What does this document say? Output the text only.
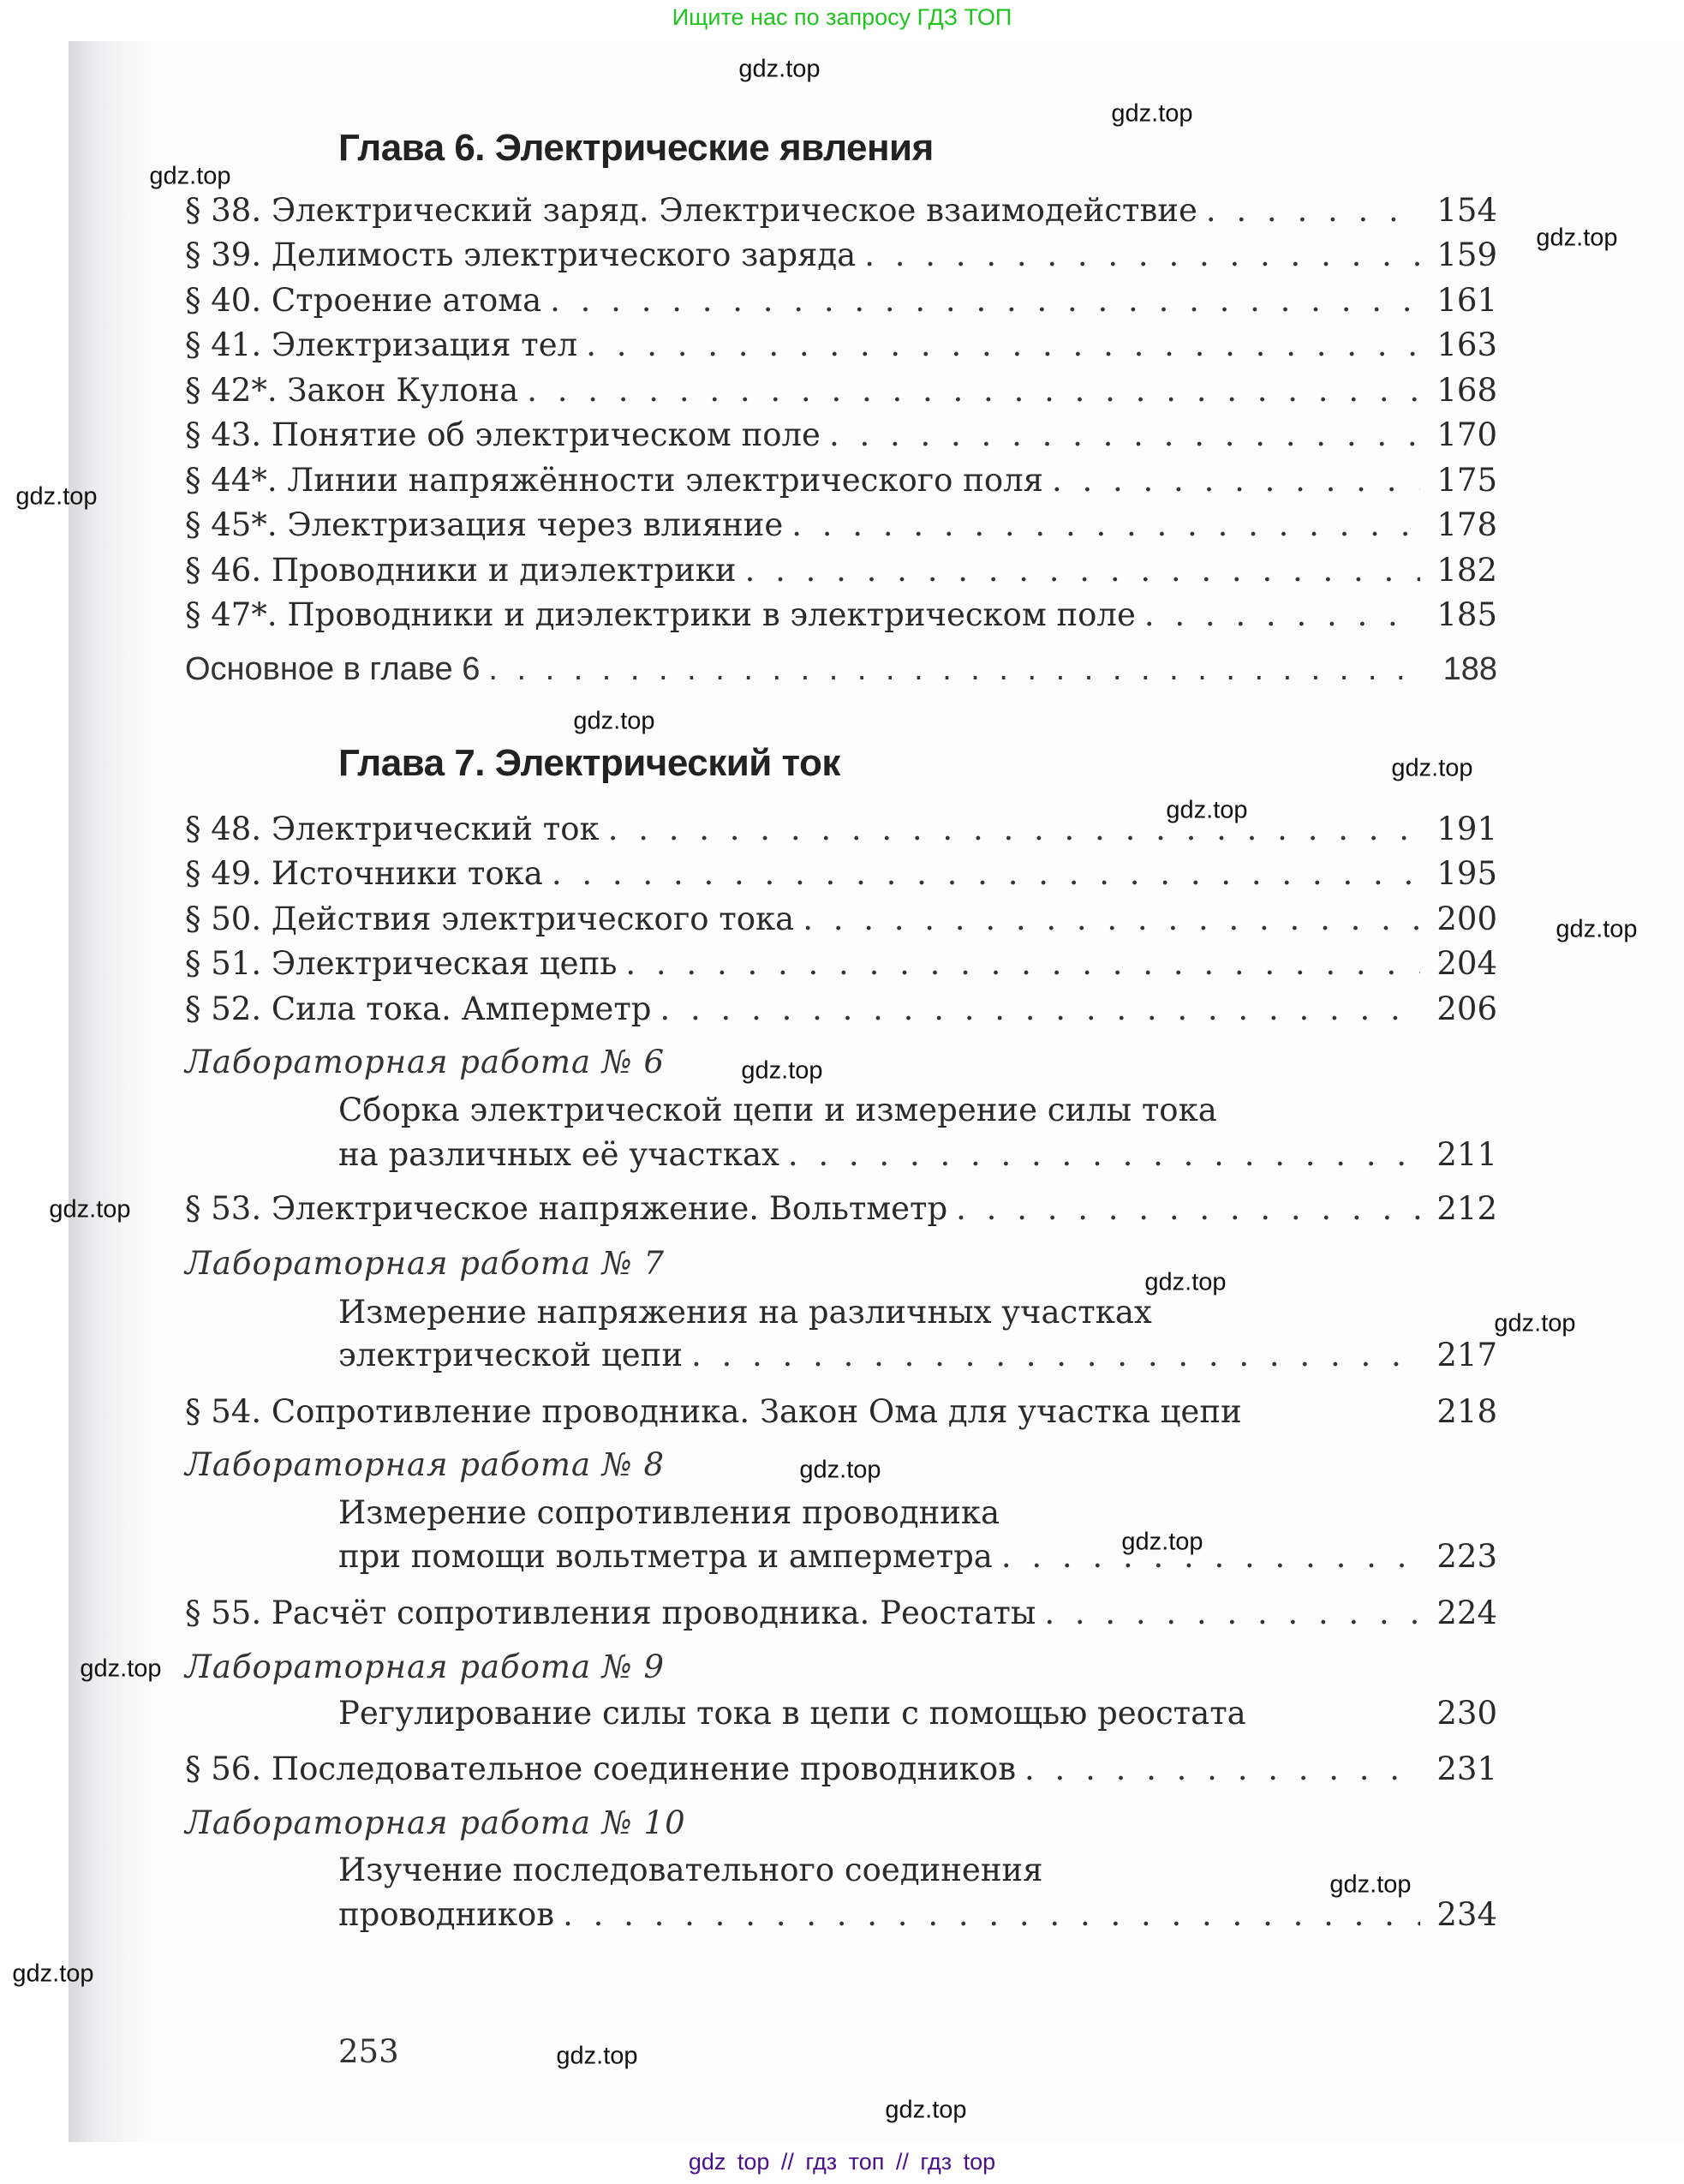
Ищите нас по запросу ГДЗ ТОП
Глава 6. Электрические явления
§ 38. Электрический заряд. Электрическое взаимодействие . . .	154
§ 39. Делимость электрического заряда . . .	159
§ 40. Строение атома . . .	161
§ 41. Электризация тел . . .	163
§ 42*. Закон Кулона . . .	168
§ 43. Понятие об электрическом поле . . .	170
§ 44*. Линии напряжённости электрического поля . . .	175
§ 45*. Электризация через влияние . . .	178
§ 46. Проводники и диэлектрики . . .	182
§ 47*. Проводники и диэлектрики в электрическом поле . . .	185
Основное в главе 6 . . .	188
Глава 7. Электрический ток
§ 48. Электрический ток . . .	191
§ 49. Источники тока . . .	195
§ 50. Действия электрического тока . . .	200
§ 51. Электрическая цепь . . .	204
§ 52. Сила тока. Амперметр . . .	206
Лабораторная работа № 6
Сборка электрической цепи и измерение силы тока
на различных её участках . . .	211
§ 53. Электрическое напряжение. Вольтметр . . .	212
Лабораторная работа № 7
Измерение напряжения на различных участках
электрической цепи . . .	217
§ 54. Сопротивление проводника. Закон Ома для участка цепи	218
Лабораторная работа № 8
Измерение сопротивления проводника
при помощи вольтметра и амперметра . . .	223
§ 55. Расчёт сопротивления проводника. Реостаты . . .	224
Лабораторная работа № 9
Регулирование силы тока в цепи с помощью реостата	230
§ 56. Последовательное соединение проводников . . .	231
Лабораторная работа № 10
Изучение последовательного соединения
проводников . . .	234
253
gdz.top
gdz.top
gdz.top
gdz.top
gdz.top
gdz.top
gdz.top
gdz.top
gdz.top
gdz.top
gdz.top
gdz.top
gdz.top
gdz.top
gdz.top
gdz.top
gdz.top
gdz.top
gdz.top
gdz.top
gdz top // гдз топ // гдз top
